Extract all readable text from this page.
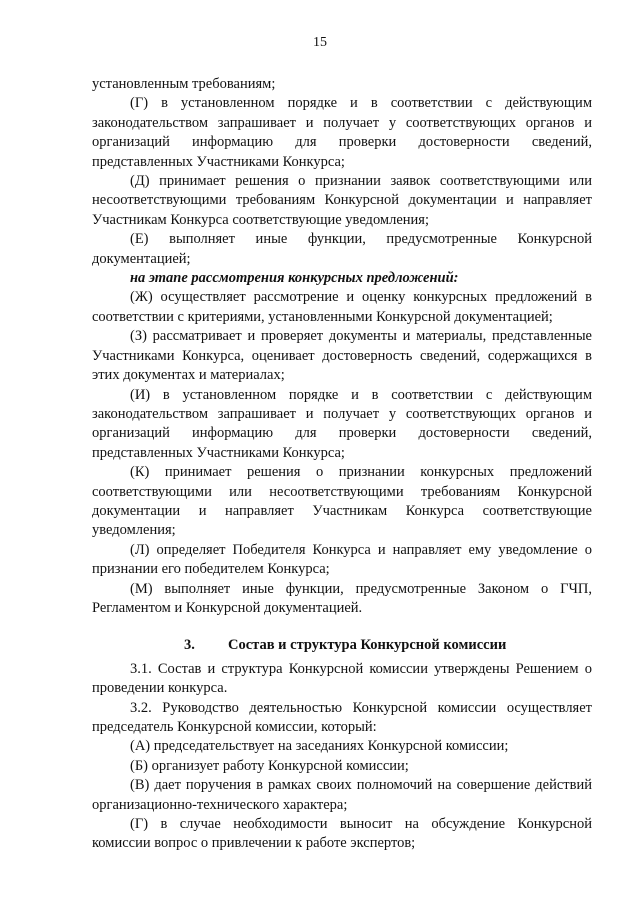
15

установленным требованиям;

(Г) в установленном порядке и в соответствии с действующим законодательством запрашивает и получает у соответствующих органов и организаций информацию для проверки достоверности сведений, представленных Участниками Конкурса;

(Д) принимает решения о признании заявок соответствующими или несоответствующими требованиям Конкурсной документации и направляет Участникам Конкурса соответствующие уведомления;

(Е) выполняет иные функции, предусмотренные Конкурсной документацией;

на этапе рассмотрения конкурсных предложений:

(Ж) осуществляет рассмотрение и оценку конкурсных предложений в соответствии с критериями, установленными Конкурсной документацией;

(З) рассматривает и проверяет документы и материалы, представленные Участниками Конкурса, оценивает достоверность сведений, содержащихся в этих документах и материалах;

(И) в установленном порядке и в соответствии с действующим законодательством запрашивает и получает у соответствующих органов и организаций информацию для проверки достоверности сведений, представленных Участниками Конкурса;

(К) принимает решения о признании конкурсных предложений соответствующими или несоответствующими требованиям Конкурсной документации и направляет Участникам Конкурса соответствующие уведомления;

(Л) определяет Победителя Конкурса и направляет ему уведомление о признании его победителем Конкурса;

(М) выполняет иные функции, предусмотренные Законом о ГЧП, Регламентом и Конкурсной документацией.

3. Состав и структура Конкурсной комиссии

3.1. Состав и структура Конкурсной комиссии утверждены Решением о проведении конкурса.

3.2. Руководство деятельностью Конкурсной комиссии осуществляет председатель Конкурсной комиссии, который:

(А) председательствует на заседаниях Конкурсной комиссии;

(Б) организует работу Конкурсной комиссии;

(В) дает поручения в рамках своих полномочий на совершение действий организационно-технического характера;

(Г) в случае необходимости выносит на обсуждение Конкурсной комиссии вопрос о привлечении к работе экспертов;
